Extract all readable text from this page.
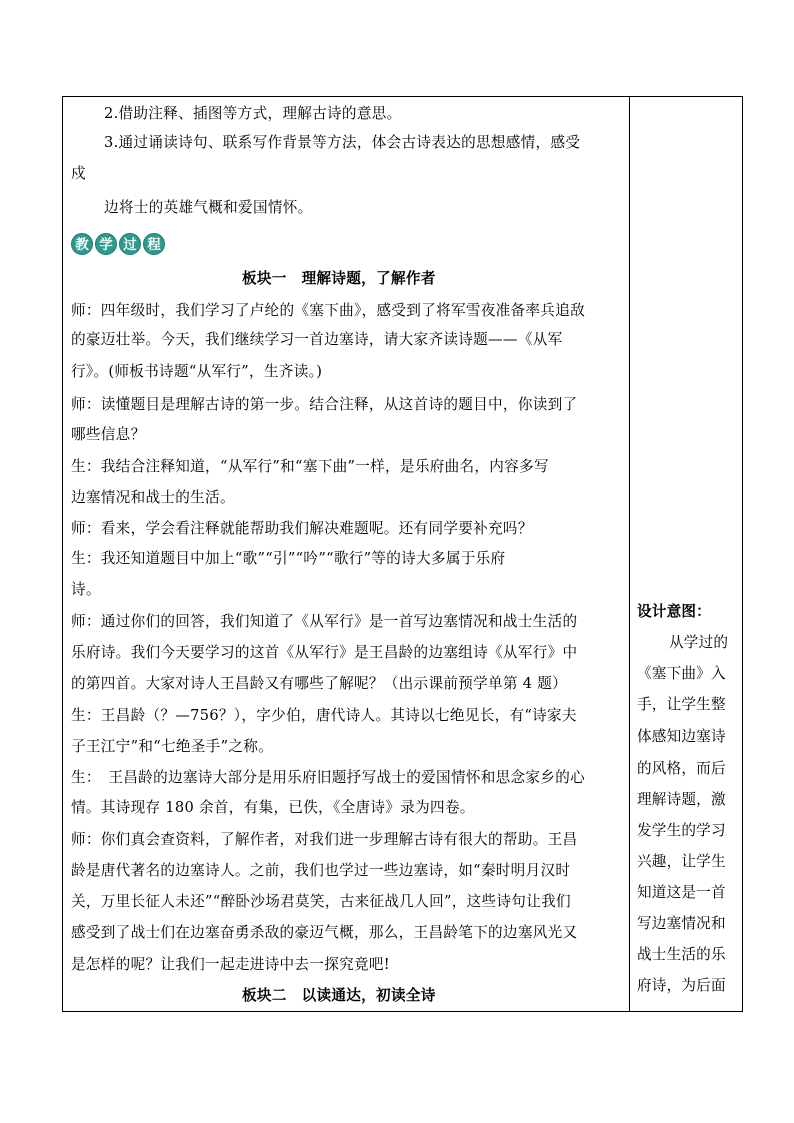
2.借助注释、插图等方式，理解古诗的意思。
3.通过诵读诗句、联系写作背景等方法，体会古诗表达的思想感情，感受
戍
边将士的英雄气概和爱国情怀。
教 学 过 程
板块一　理解诗题，了解作者
师：四年级时，我们学习了卢纶的《塞下曲》，感受到了将军雪夜准备率兵追敌
的豪迈壮举。今天，我们继续学习一首边塞诗，请大家齐读诗题——《从军
行》。(师板书诗题“从军行”，生齐读。)
师：读懂题目是理解古诗的第一步。结合注释，从这首诗的题目中，你读到了
哪些信息？
生：我结合注释知道，“从军行”和“塞下曲”一样，是乐府曲名，内容多写
边塞情况和战士的生活。
师：看来，学会看注释就能帮助我们解决难题呢。还有同学要补充吗？
生：我还知道题目中加上“歌”“引”“吟”“歌行”等的诗大多属于乐府
诗。
师：通过你们的回答，我们知道了《从军行》是一首写边塞情况和战士生活的
乐府诗。我们今天要学习的这首《从军行》是王昌龄的边塞组诗《从军行》中
的第四首。大家对诗人王昌龄又有哪些了解呢？（出示课前预学单第 4 题）
生：王昌龄（？—756？），字少伯，唐代诗人。其诗以七绝见长，有“诗家夫
子王江宁”和“七绝圣手”之称。
生：　王昌龄的边塞诗大部分是用乐府旧题抒写战士的爱国情怀和思念家乡的心
情。其诗现存 180 余首，有集，已佚，《全唐诗》录为四卷。
师：你们真会查资料，了解作者，对我们进一步理解古诗有很大的帮助。王昌
龄是唐代著名的边塞诗人。之前，我们也学过一些边塞诗，如“秦时明月汉时
关，万里长征人未还”“醉卧沙场君莫笑，古来征战几人回”，这些诗句让我们
感受到了战士们在边塞奋勇杀敌的豪迈气概，那么，王昌龄笔下的边塞风光又
是怎样的呢？让我们一起走进诗中去一探究竟吧!
板块二　以读通达，初读全诗
设计意图：
从学过的
《塞下曲》入
手，让学生整
体感知边塞诗
的风格，而后
理解诗题，激
发学生的学习
兴趣，让学生
知道这是一首
写边塞情况和
战士生活的乐
府诗，为后面
